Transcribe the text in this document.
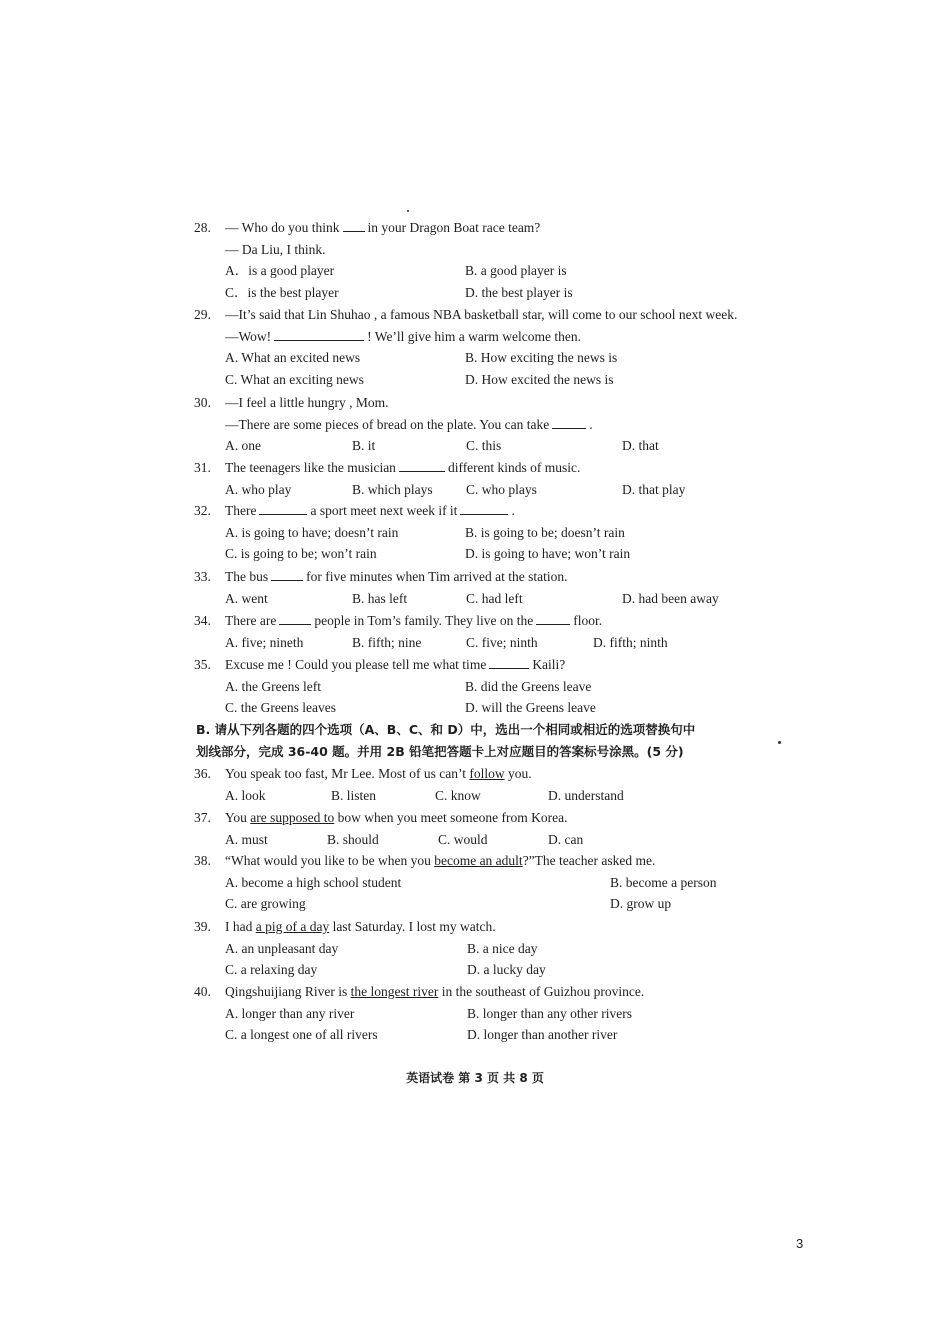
28.	— Who do you think in your Dragon Boat race team?
— Da Liu, I think.
A．is a good player	B. a good player is
C．is the best player	D. the best player is
29.	—It’s said that Lin Shuhao , a famous NBA basketball star, will come to our school next week.
—Wow!	! We’ll give him a warm welcome then.
A. What an excited news	B. How exciting the news is
C. What an exciting news	D. How excited the news is
30.	—I feel a little hungry , Mom.
—There are some pieces of bread on the plate. You can take	.
A. one	B. it	C. this	D. that
31.	The teenagers like the musician	different kinds of music.
A. who play	B. which plays C. who plays	D. that play
32.	There	a sport meet next week if it	.
A. is going to have; doesn’t rain	B. is going to be; doesn’t rain
C. is going to be; won’t rain	D. is going to have; won’t rain
33.	The bus	for five minutes when Tim arrived at the station.
A. went	B. has left	C. had left	D. had been away
34.	There are	people in Tom’s family. They live on the	floor.
A. five; nineth	B. fifth; nine	C. five; ninth	D. fifth; ninth
35.	Excuse me ! Could you please tell me what time	Kaili?
A. the Greens left	B. did the Greens leave
C. the Greens leaves	D. will the Greens leave
B. 请从下列各题的四个选项（A、B、C、和 D）中，选出一个相同或相近的选项替换句中
划线部分，完成 36-40 题。并用 2B 铅笔把答题卡上对应题目的答案标号涂黑。(5 分)
36.	You speak too fast, Mr Lee. Most of us can’t
follow
you.
A. look	B. listen	C. know	D. understand
37.	You
are supposed to
bow when you meet someone from Korea.
A. must	B. should	C. would	D. can
38.	“What would you like to be when you
become an adult ?”The teacher asked me.
A. become a high school student	B. become a person
C. are growing	D. grow up
39.	I had
a pig of a day
last Saturday. I lost my watch.
A. an unpleasant day	B. a nice day
C. a relaxing day	D. a lucky day
40.	Qingshuijiang River is
the longest river
in the southeast of Guizhou province.
A. longer than any river	B. longer than any other rivers
C. a longest one of all rivers	D. longer than another river
英语试卷 第 3 页 共 8 页
3
